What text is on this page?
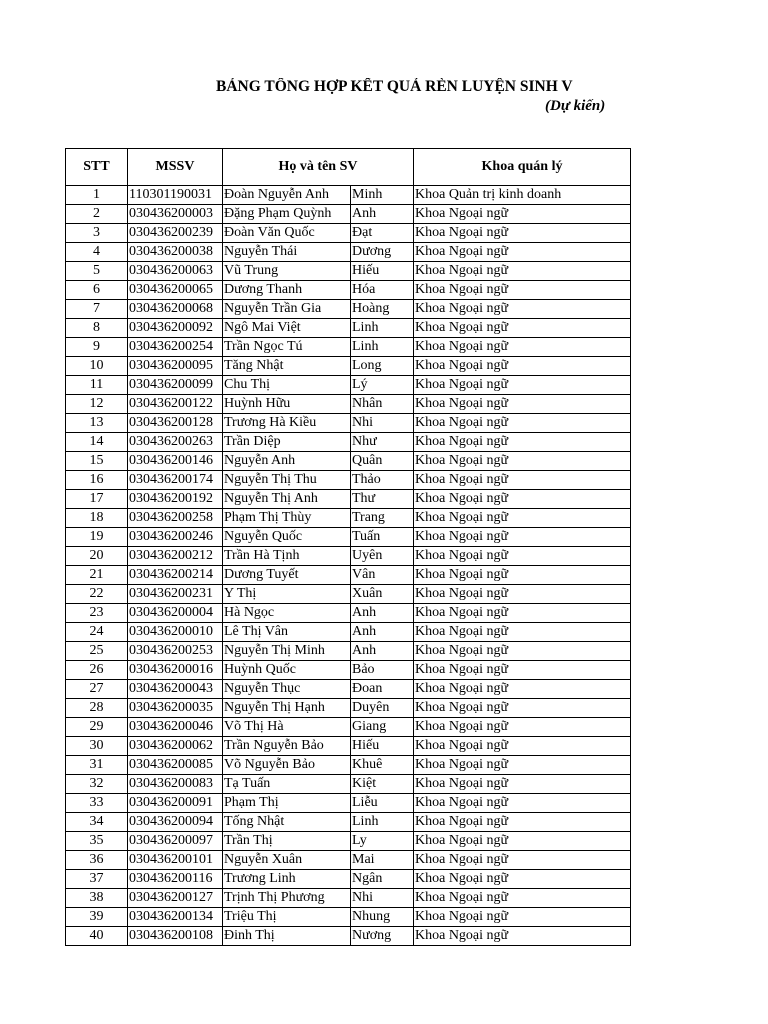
BẢNG TỔNG HỢP KẾT QUẢ RÈN LUYỆN SINH V
(Dự kiến)
STT	MSSV	Họ và tên SV		Khoa quán lý
1	110301190031	Đoàn Nguyễn Anh	Minh	Khoa Quản trị kinh doanh
2	030436200003	Đặng Phạm Quỳnh	Anh	Khoa Ngoại ngữ
3	030436200239	Đoàn Văn Quốc	Đạt	Khoa Ngoại ngữ
4	030436200038	Nguyễn Thái	Dương	Khoa Ngoại ngữ
5	030436200063	Vũ Trung	Hiếu	Khoa Ngoại ngữ
6	030436200065	Dương Thanh	Hóa	Khoa Ngoại ngữ
7	030436200068	Nguyễn Trần Gia	Hoàng	Khoa Ngoại ngữ
8	030436200092	Ngô Mai Việt	Linh	Khoa Ngoại ngữ
9	030436200254	Trần Ngọc Tú	Linh	Khoa Ngoại ngữ
10	030436200095	Tăng Nhật	Long	Khoa Ngoại ngữ
11	030436200099	Chu Thị	Lý	Khoa Ngoại ngữ
12	030436200122	Huỳnh Hữu	Nhân	Khoa Ngoại ngữ
13	030436200128	Trương Hà Kiều	Nhi	Khoa Ngoại ngữ
14	030436200263	Trần Diệp	Như	Khoa Ngoại ngữ
15	030436200146	Nguyễn Anh	Quân	Khoa Ngoại ngữ
16	030436200174	Nguyễn Thị Thu	Thảo	Khoa Ngoại ngữ
17	030436200192	Nguyễn Thị Anh	Thư	Khoa Ngoại ngữ
18	030436200258	Phạm Thị Thùy	Trang	Khoa Ngoại ngữ
19	030436200246	Nguyễn Quốc	Tuấn	Khoa Ngoại ngữ
20	030436200212	Trần Hà Tịnh	Uyên	Khoa Ngoại ngữ
21	030436200214	Dương Tuyết	Vân	Khoa Ngoại ngữ
22	030436200231	Y Thị	Xuân	Khoa Ngoại ngữ
23	030436200004	Hà Ngọc	Anh	Khoa Ngoại ngữ
24	030436200010	Lê Thị Vân	Anh	Khoa Ngoại ngữ
25	030436200253	Nguyễn Thị Minh	Anh	Khoa Ngoại ngữ
26	030436200016	Huỳnh Quốc	Bảo	Khoa Ngoại ngữ
27	030436200043	Nguyễn Thục	Đoan	Khoa Ngoại ngữ
28	030436200035	Nguyễn Thị Hạnh	Duyên	Khoa Ngoại ngữ
29	030436200046	Võ Thị Hà	Giang	Khoa Ngoại ngữ
30	030436200062	Trần Nguyễn Bảo	Hiếu	Khoa Ngoại ngữ
31	030436200085	Võ Nguyễn Bảo	Khuê	Khoa Ngoại ngữ
32	030436200083	Tạ Tuấn	Kiệt	Khoa Ngoại ngữ
33	030436200091	Phạm Thị	Liễu	Khoa Ngoại ngữ
34	030436200094	Tống Nhật	Linh	Khoa Ngoại ngữ
35	030436200097	Trần Thị	Ly	Khoa Ngoại ngữ
36	030436200101	Nguyễn Xuân	Mai	Khoa Ngoại ngữ
37	030436200116	Trương Linh	Ngân	Khoa Ngoại ngữ
38	030436200127	Trịnh Thị Phương	Nhi	Khoa Ngoại ngữ
39	030436200134	Triệu Thị	Nhung	Khoa Ngoại ngữ
40	030436200108	Đinh Thị	Nương	Khoa Ngoại ngữ
